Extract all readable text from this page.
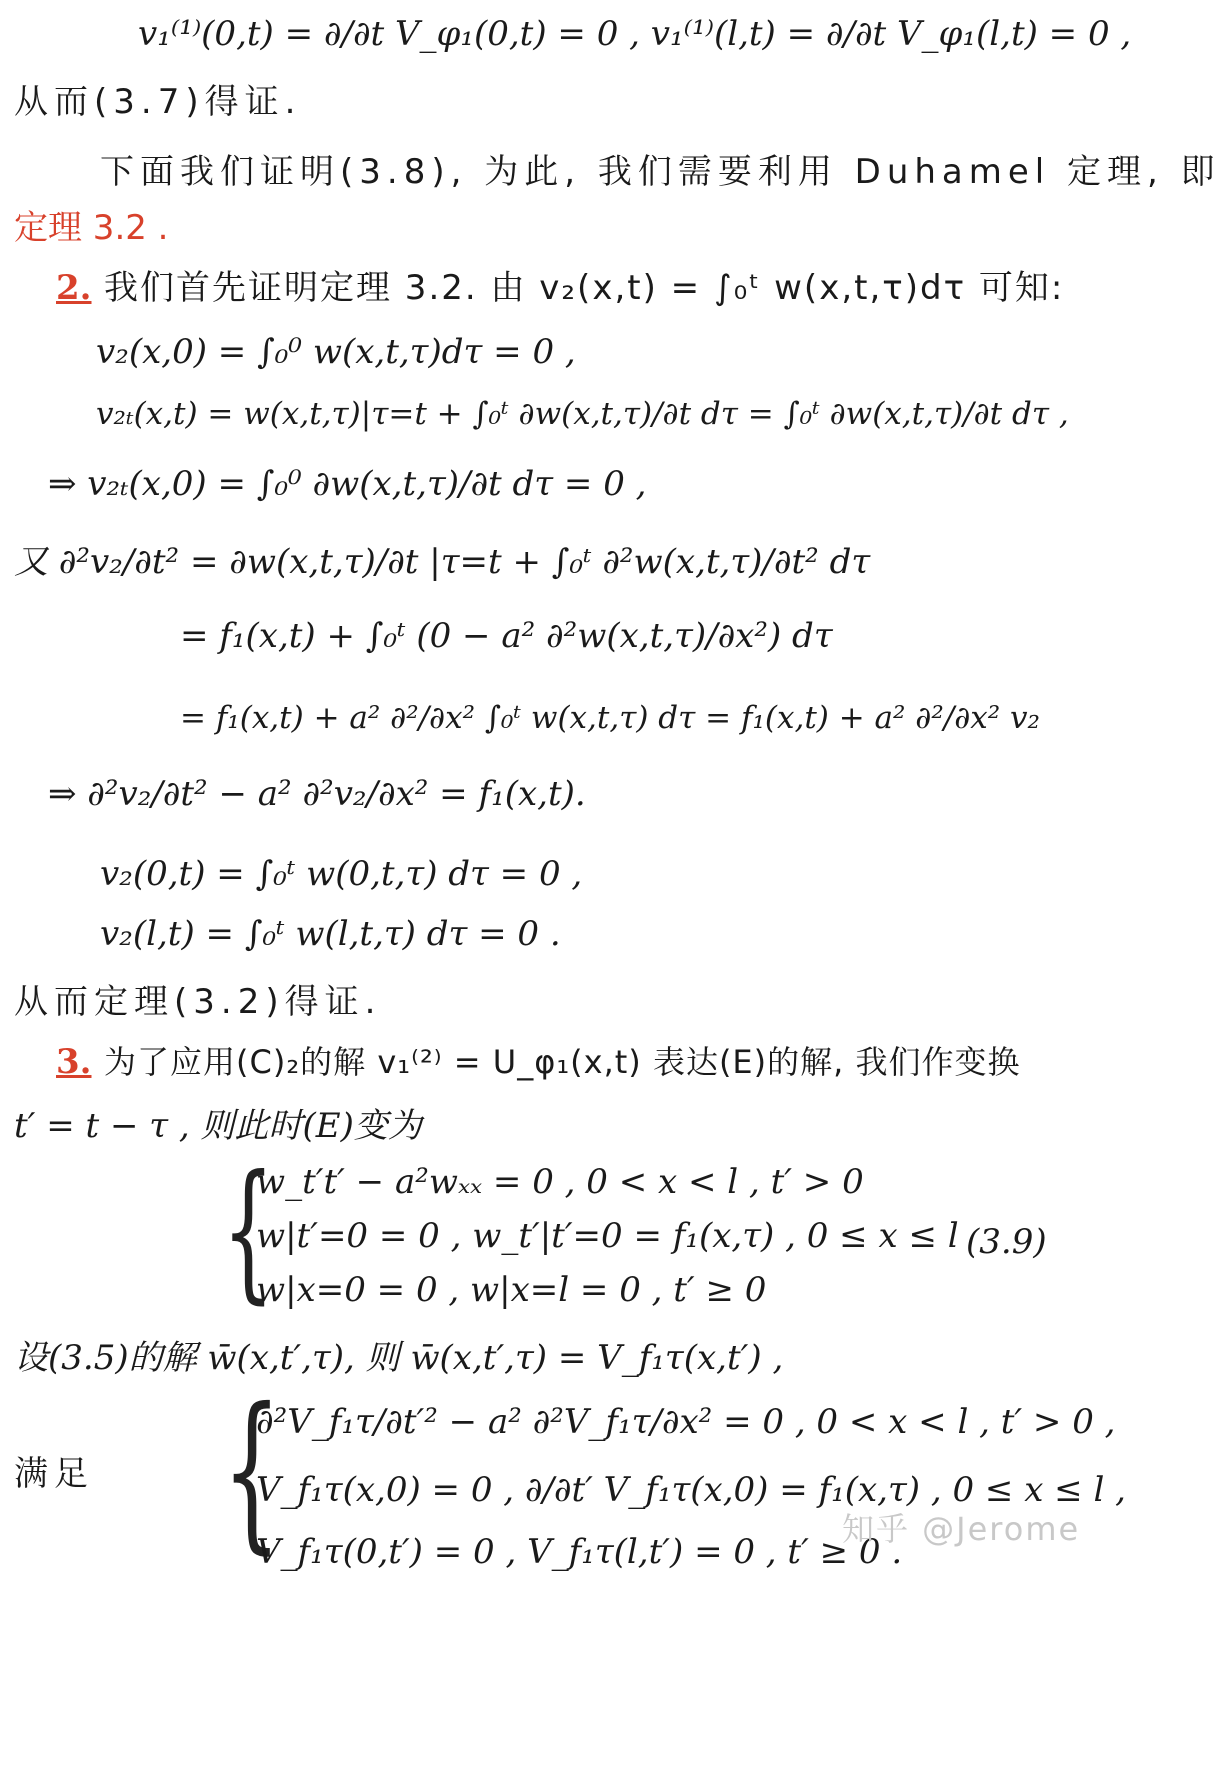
v₁⁽¹⁾(0,t) = ∂/∂t V_φ₁(0,t) = 0 , v₁⁽¹⁾(l,t) = ∂/∂t V_φ₁(l,t) = 0 ,
从而(3.7)得证.
下面我们证明(3.8), 为此, 我们需要利用 Duhamel 定理, 即
定理 3.2 .
2. 我们首先证明定理 3.2. 由 v₂(x,t) = ∫₀ᵗ w(x,t,τ)dτ 可知:
v₂(x,0) = ∫₀⁰ w(x,t,τ)dτ = 0 ,
v₂ₜ(x,t) = w(x,t,τ)|τ=t + ∫₀ᵗ ∂w(x,t,τ)/∂t dτ = ∫₀ᵗ ∂w(x,t,τ)/∂t dτ ,
⇒ v₂ₜ(x,0) = ∫₀⁰ ∂w(x,t,τ)/∂t dτ = 0 ,
又 ∂²v₂/∂t² = ∂w(x,t,τ)/∂t |τ=t + ∫₀ᵗ ∂²w(x,t,τ)/∂t² dτ
= f₁(x,t) + ∫₀ᵗ (0 − a² ∂²w(x,t,τ)/∂x²) dτ
= f₁(x,t) + a² ∂²/∂x² ∫₀ᵗ w(x,t,τ) dτ = f₁(x,t) + a² ∂²/∂x² v₂
⇒ ∂²v₂/∂t² − a² ∂²v₂/∂x² = f₁(x,t).
v₂(0,t) = ∫₀ᵗ w(0,t,τ) dτ = 0 ,
v₂(l,t) = ∫₀ᵗ w(l,t,τ) dτ = 0 .
从而定理(3.2)得证.
3. 为了应用(C)₂的解 v₁⁽²⁾ = U_φ₁(x,t) 表达(E)的解, 我们作变换
t′ = t − τ , 则此时(E)变为
{
w_t′t′ − a²wₓₓ = 0 , 0 < x < l , t′ > 0
w|t′=0 = 0 , w_t′|t′=0 = f₁(x,τ) , 0 ≤ x ≤ l
w|x=0 = 0 , w|x=l = 0 , t′ ≥ 0
(3.9)
设(3.5)的解 w̄(x,t′,τ), 则 w̄(x,t′,τ) = V_f₁τ(x,t′) ,
满足 {
∂²V_f₁τ/∂t′² − a² ∂²V_f₁τ/∂x² = 0 , 0 < x < l , t′ > 0 ,
V_f₁τ(x,0) = 0 , ∂/∂t′ V_f₁τ(x,0) = f₁(x,τ) , 0 ≤ x ≤ l ,
V_f₁τ(0,t′) = 0 , V_f₁τ(l,t′) = 0 , t′ ≥ 0 .
知乎 @Jerome
